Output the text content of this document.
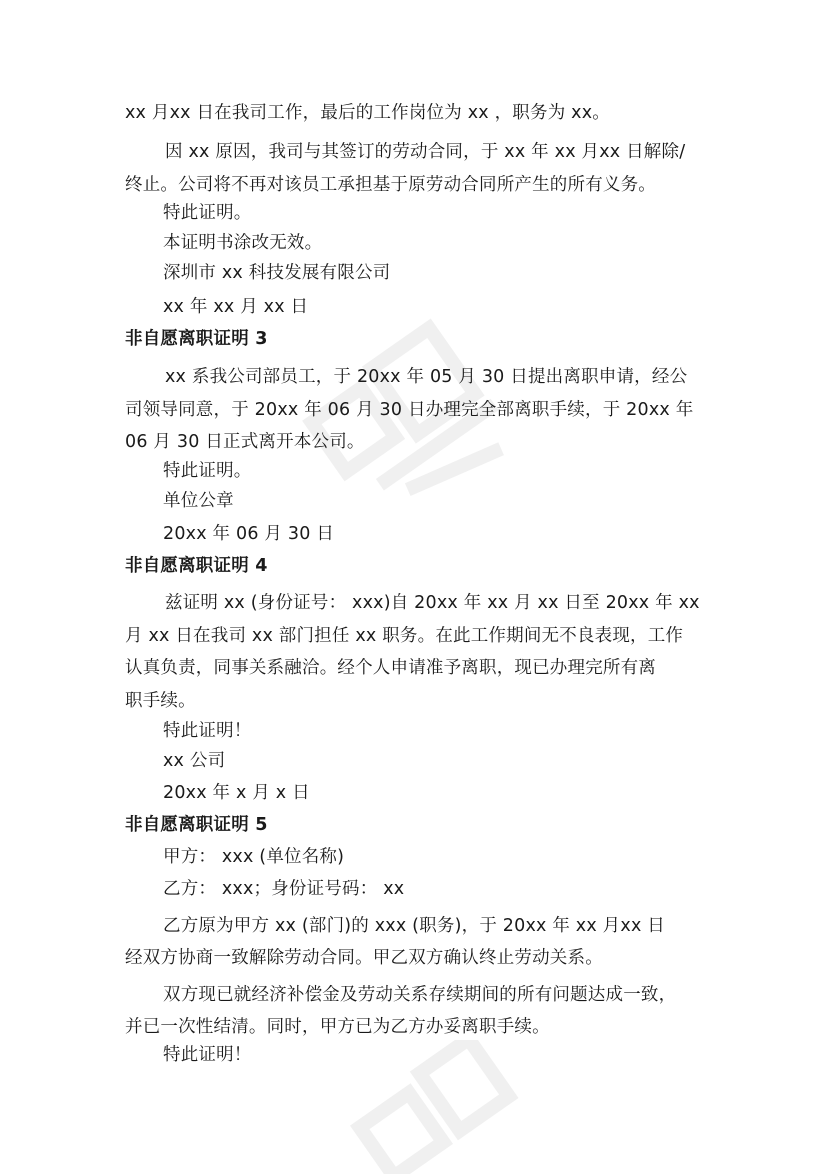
xx 月xx 日在我司工作，最后的工作岗位为 xx ，职务为 xx。
因 xx 原因，我司与其签订的劳动合同，于 xx 年 xx 月xx 日解除/
终止。公司将不再对该员工承担基于原劳动合同所产生的所有义务。
特此证明。
本证明书涂改无效。
深圳市 xx 科技发展有限公司
xx 年 xx 月 xx 日
非自愿离职证明 3
xx 系我公司部员工，于 20xx 年 05 月 30 日提出离职申请，经公
司领导同意，于 20xx 年 06 月 30 日办理完全部离职手续，于 20xx 年
06 月 30 日正式离开本公司。
特此证明。
单位公章
20xx 年 06 月 30 日
非自愿离职证明 4
兹证明 xx (身份证号： xxx)自 20xx 年 xx 月 xx 日至 20xx 年 xx
月 xx 日在我司 xx 部门担任 xx 职务。在此工作期间无不良表现，工作
认真负责，同事关系融洽。经个人申请准予离职，现已办理完所有离
职手续。
特此证明！
xx 公司
20xx 年 x 月 x 日
非自愿离职证明 5
甲方： xxx (单位名称)
乙方： xxx；身份证号码： xx
乙方原为甲方 xx (部门)的 xxx (职务)，于 20xx 年 xx 月xx 日
经双方协商一致解除劳动合同。甲乙双方确认终止劳动关系。
双方现已就经济补偿金及劳动关系存续期间的所有问题达成一致，
并已一次性结清。同时，甲方已为乙方办妥离职手续。
特此证明！
